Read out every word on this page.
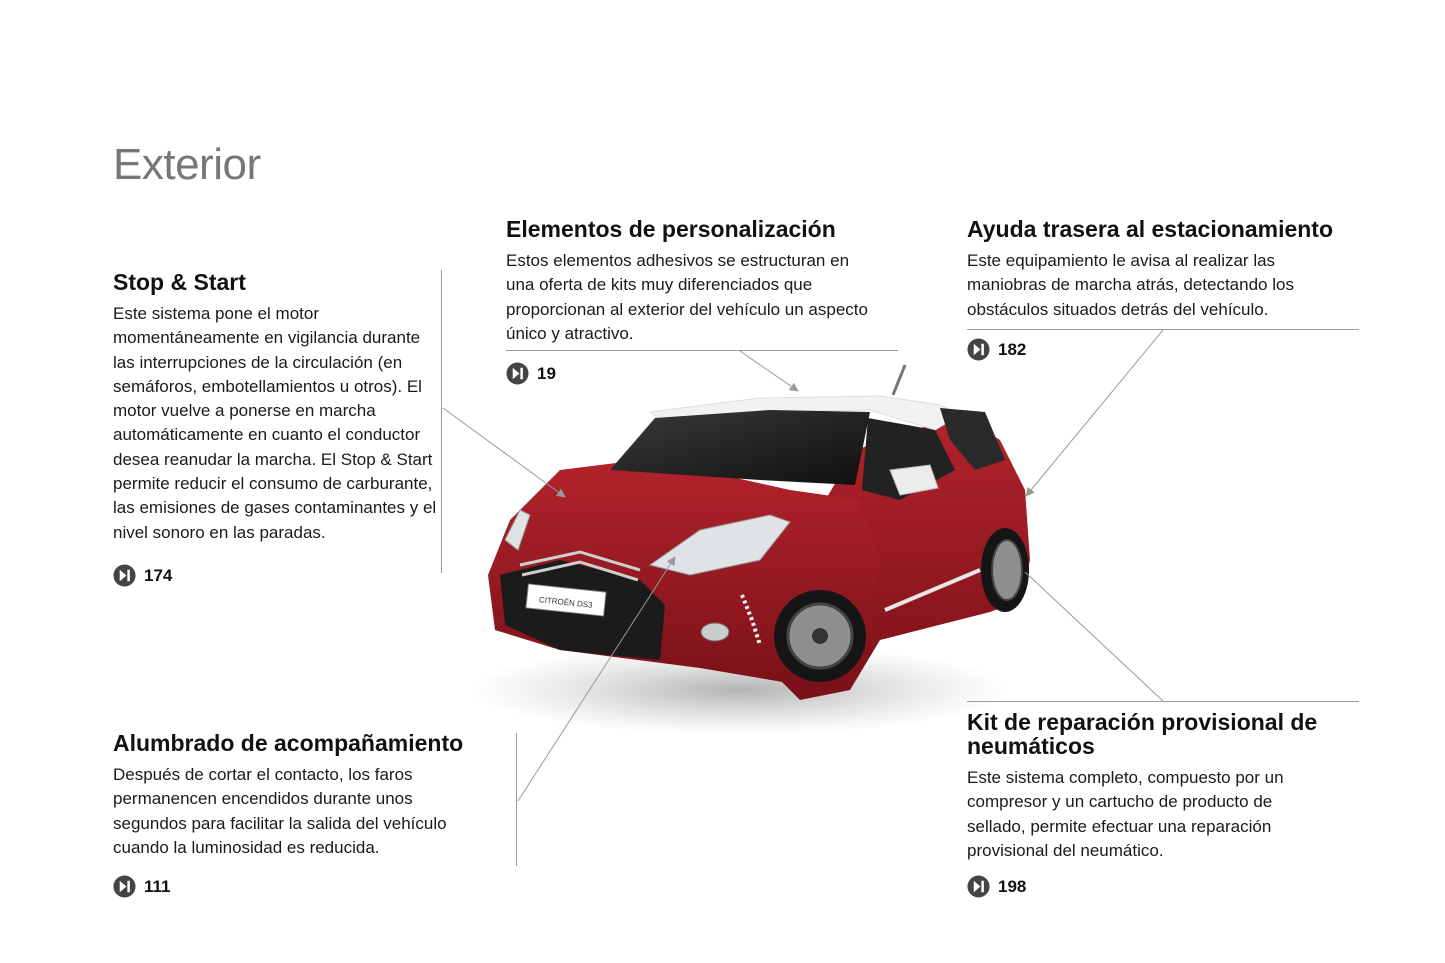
Exterior
Stop & Start

Este sistema pone el motor momentáneamente en vigilancia durante las interrupciones de la circulación (en semáforos, embotellamientos u otros). El motor vuelve a ponerse en marcha automáticamente en cuanto el conductor desea reanudar la marcha. El Stop & Start permite reducir el consumo de carburante, las emisiones de gases contaminantes y el nivel sonoro en las paradas.

174
Elementos de personalización

Estos elementos adhesivos se estructuran en una oferta de kits muy diferenciados que proporcionan al exterior del vehículo un aspecto único y atractivo.

19
Ayuda trasera al estacionamiento

Este equipamiento le avisa al realizar las maniobras de marcha atrás, detectando los obstáculos situados detrás del vehículo.

182
Alumbrado de acompañamiento

Después de cortar el contacto, los faros permanencen encendidos durante unos segundos para facilitar la salida del vehículo cuando la luminosidad es reducida.

111
Kit de reparación provisional de neumáticos

Este sistema completo, compuesto por un compresor y un cartucho de producto de sellado, permite efectuar una reparación provisional del neumático.

198
CITROËN DS3
